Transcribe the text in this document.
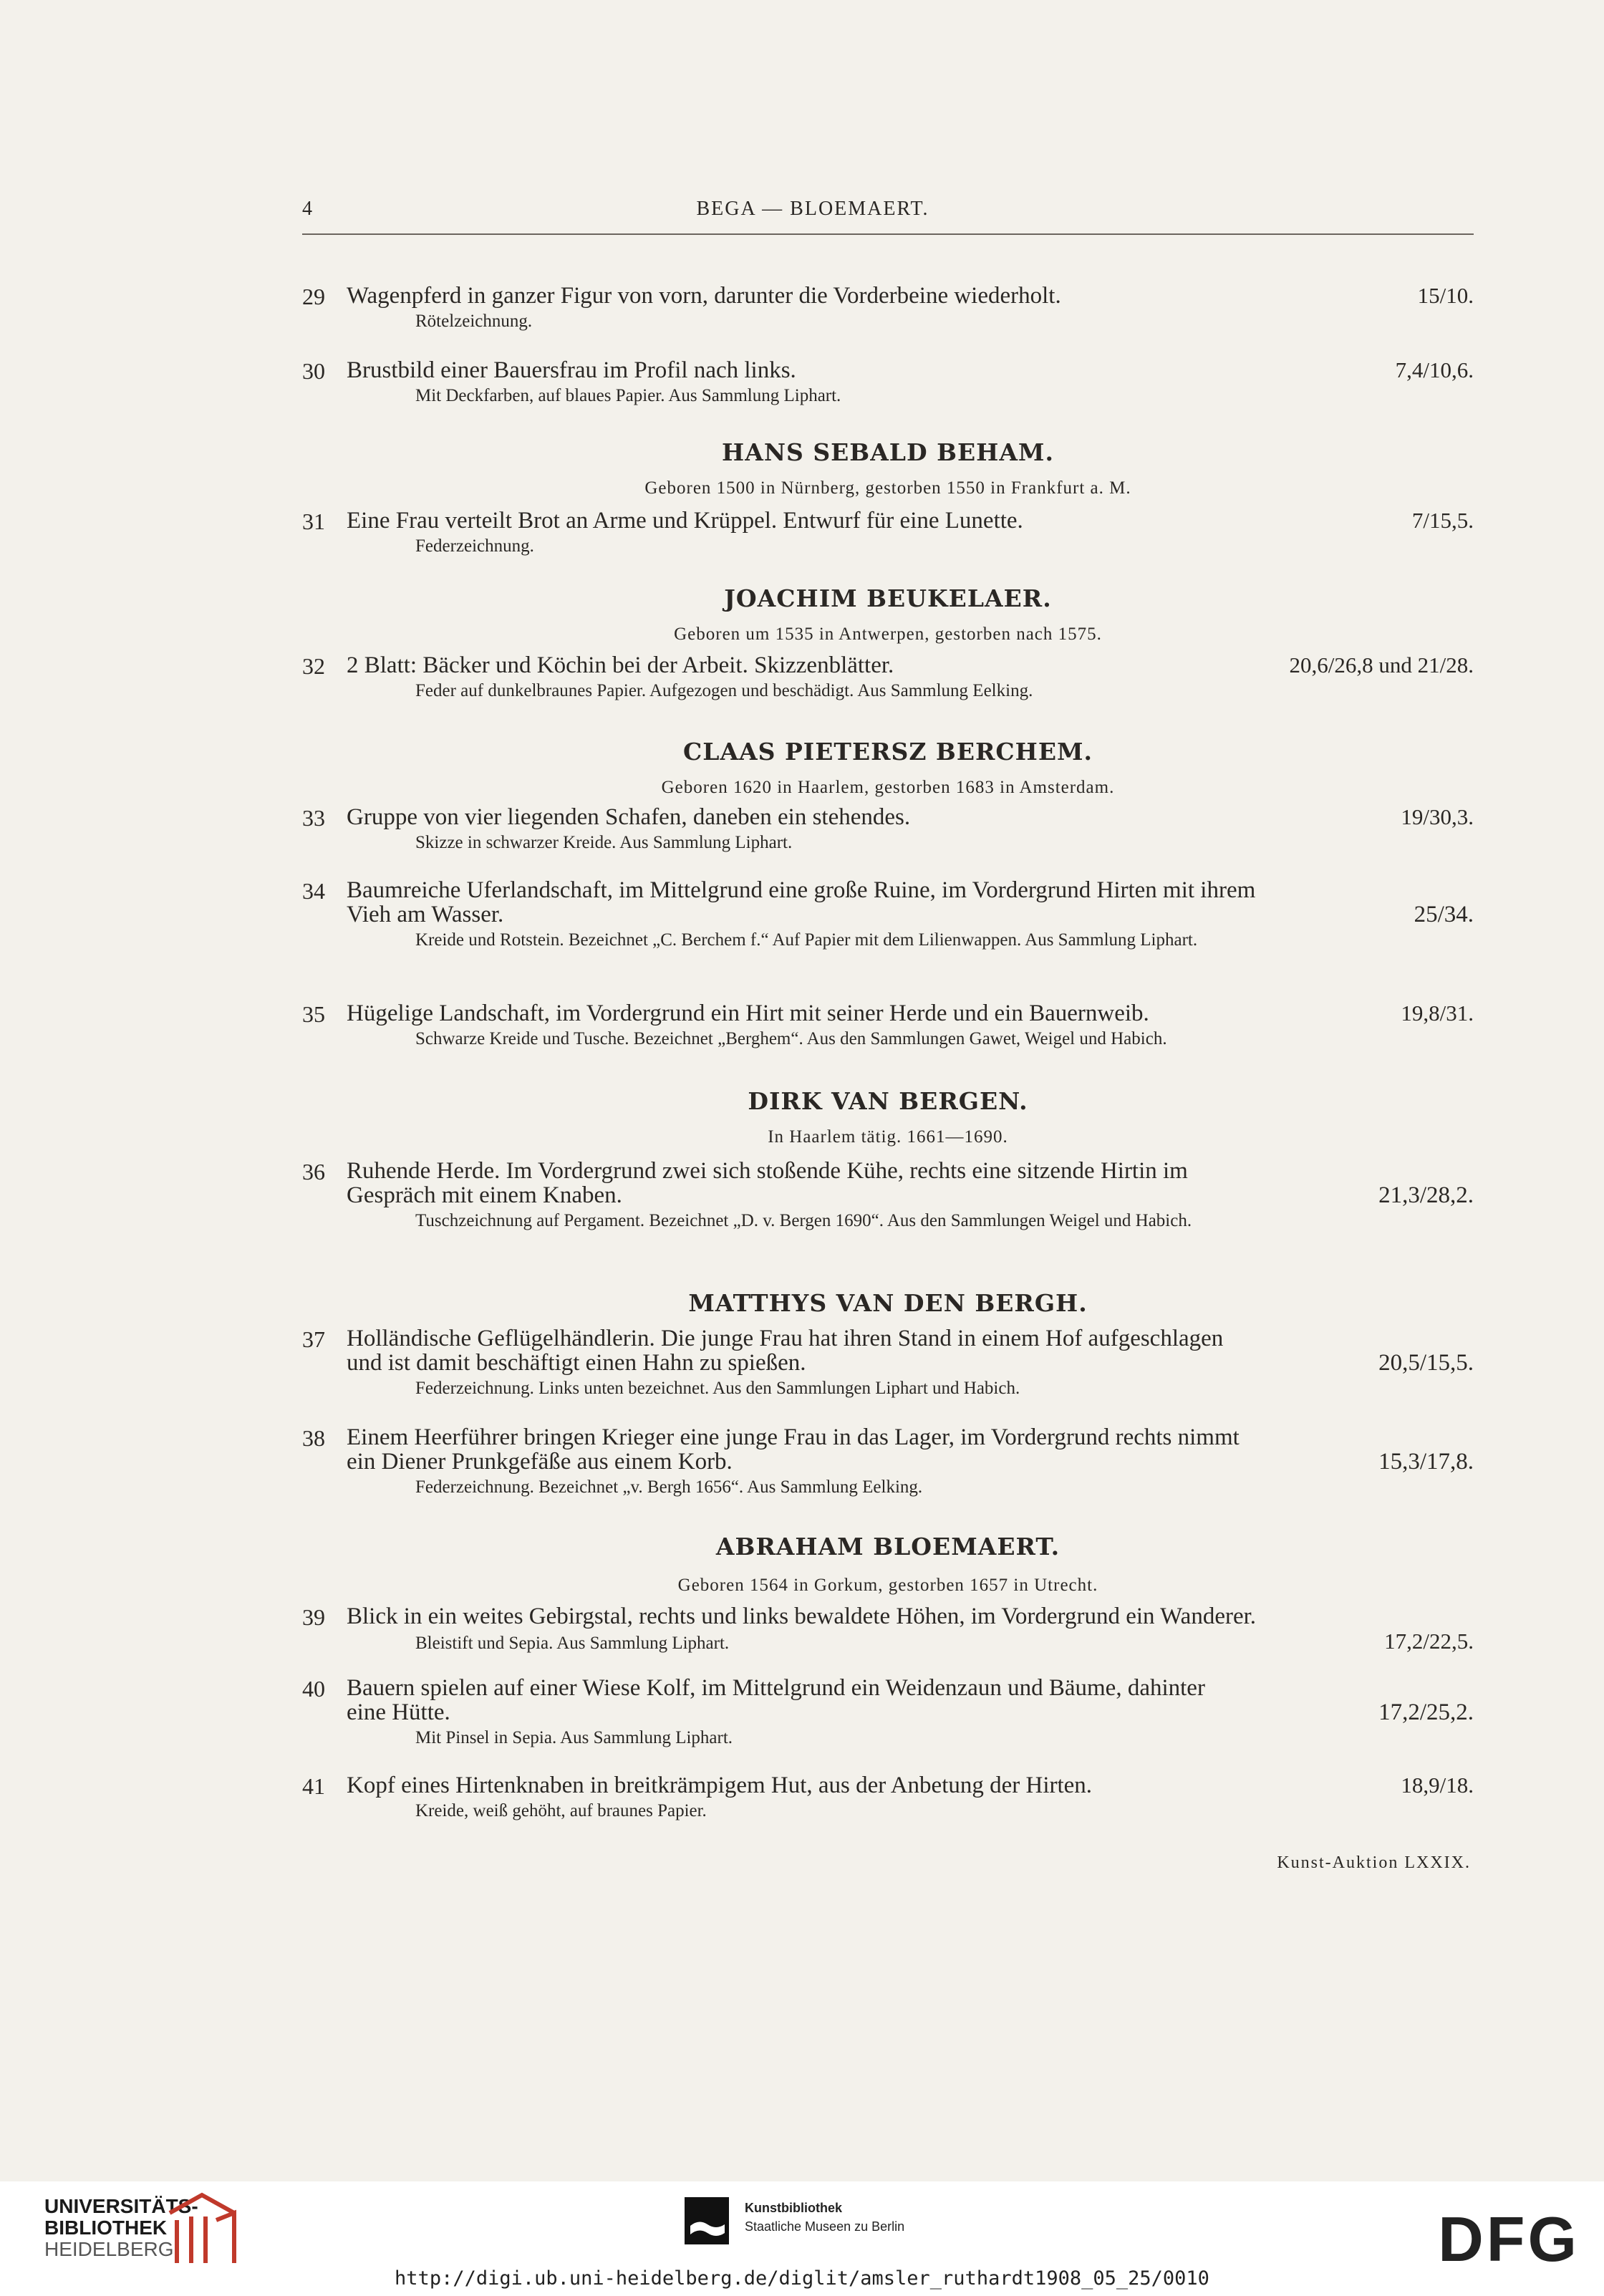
4	BEGA — BLOEMAERT.
29 Wagenpferd in ganzer Figur von vorn, darunter die Vorderbeine wiederholt.	15/10.
Rötelzeichnung.
30 Brustbild einer Bauersfrau im Profil nach links.	7,4/10,6.
Mit Deckfarben, auf blaues Papier. Aus Sammlung Liphart.
HANS SEBALD BEHAM.
Geboren 1500 in Nürnberg, gestorben 1550 in Frankfurt a. M.
31 Eine Frau verteilt Brot an Arme und Krüppel. Entwurf für eine Lunette.	7/15,5.
Federzeichnung.
JOACHIM BEUKELAER.
Geboren um 1535 in Antwerpen, gestorben nach 1575.
32 2 Blatt: Bäcker und Köchin bei der Arbeit. Skizzenblätter.	20,6/26,8 und 21/28.
Feder auf dunkelbraunes Papier. Aufgezogen und beschädigt. Aus Sammlung Eelking.
CLAAS PIETERSZ BERCHEM.
Geboren 1620 in Haarlem, gestorben 1683 in Amsterdam.
33 Gruppe von vier liegenden Schafen, daneben ein stehendes.	19/30,3.
Skizze in schwarzer Kreide. Aus Sammlung Liphart.
34 Baumreiche Uferlandschaft, im Mittelgrund eine große Ruine, im Vordergrund Hirten mit ihrem
Vieh am Wasser.	25/34.
Kreide und Rotstein. Bezeichnet „C. Berchem f.“ Auf Papier mit dem Lilienwappen. Aus Sammlung Liphart.
35 Hügelige Landschaft, im Vordergrund ein Hirt mit seiner Herde und ein Bauernweib.	19,8/31.
Schwarze Kreide und Tusche. Bezeichnet „Berghem“. Aus den Sammlungen Gawet, Weigel und Habich.
DIRK VAN BERGEN.
In Haarlem tätig. 1661—1690.
36 Ruhende Herde. Im Vordergrund zwei sich stoßende Kühe, rechts eine sitzende Hirtin im
Gespräch mit einem Knaben.	21,3/28,2.
Tuschzeichnung auf Pergament. Bezeichnet „D. v. Bergen 1690“. Aus den Sammlungen Weigel und Habich.
MATTHYS VAN DEN BERGH.
37 Holländische Geflügelhändlerin. Die junge Frau hat ihren Stand in einem Hof aufgeschlagen
und ist damit beschäftigt einen Hahn zu spießen.	20,5/15,5.
Federzeichnung. Links unten bezeichnet. Aus den Sammlungen Liphart und Habich.
38 Einem Heerführer bringen Krieger eine junge Frau in das Lager, im Vordergrund rechts nimmt
ein Diener Prunkgefäße aus einem Korb.	15,3/17,8.
Federzeichnung. Bezeichnet „v. Bergh 1656“. Aus Sammlung Eelking.
ABRAHAM BLOEMAERT.
Geboren 1564 in Gorkum, gestorben 1657 in Utrecht.
39 Blick in ein weites Gebirgstal, rechts und links bewaldete Höhen, im Vordergrund ein Wanderer.
Bleistift und Sepia. Aus Sammlung Liphart.	17,2/22,5.
40 Bauern spielen auf einer Wiese Kolf, im Mittelgrund ein Weidenzaun und Bäume, dahinter
eine Hütte.	17,2/25,2.
Mit Pinsel in Sepia. Aus Sammlung Liphart.
41 Kopf eines Hirtenknaben in breitkrämpigem Hut, aus der Anbetung der Hirten.	18,9/18.
Kreide, weiß gehöht, auf braunes Papier.
Kunst-Auktion LXXIX.
UNIVERSITÄTS-
BIBLIOTHEK
HEIDELBERG
Kunstbibliothek
Staatliche Museen zu Berlin	DFG
http://digi.ub.uni-heidelberg.de/diglit/amsler_ruthardt1908_05_25/0010
